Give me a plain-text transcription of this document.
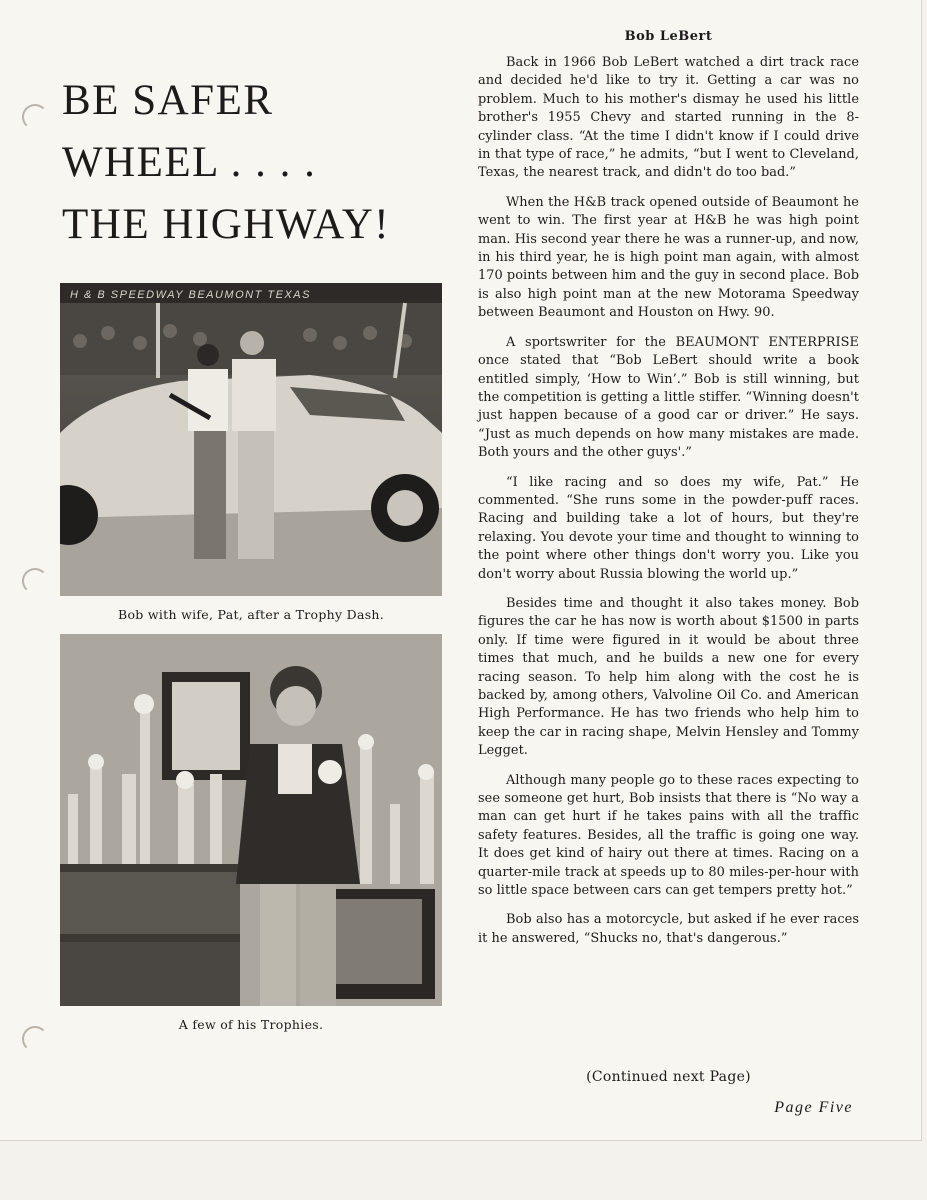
BE SAFER
WHEEL . . . .
THE HIGHWAY!
H & B SPEEDWAY BEAUMONT TEXAS
Bob with wife, Pat, after a Trophy Dash.
A few of his Trophies.
Bob LeBert

Back in 1966 Bob LeBert watched a dirt track race and decided he'd like to try it. Getting a car was no problem. Much to his mother's dismay he used his little brother's 1955 Chevy and started running in the 8-cylinder class. “At the time I didn't know if I could drive in that type of race,” he admits, “but I went to Cleveland, Texas, the nearest track, and didn't do too bad.”

When the H&B track opened outside of Beaumont he went to win. The first year at H&B he was high point man. His second year there he was a runner-up, and now, in his third year, he is high point man again, with almost 170 points between him and the guy in second place. Bob is also high point man at the new Motorama Speedway between Beaumont and Houston on Hwy. 90.

A sportswriter for the BEAUMONT ENTERPRISE once stated that “Bob LeBert should write a book entitled simply, ‘How to Win’.” Bob is still winning, but the competition is getting a little stiffer. “Winning doesn't just happen because of a good car or driver.” He says. “Just as much depends on how many mistakes are made. Both yours and the other guys'.”

“I like racing and so does my wife, Pat.” He commented. “She runs some in the powder-puff races. Racing and building take a lot of hours, but they're relaxing. You devote your time and thought to winning to the point where other things don't worry you. Like you don't worry about Russia blowing the world up.”

Besides time and thought it also takes money. Bob figures the car he has now is worth about $1500 in parts only. If time were figured in it would be about three times that much, and he builds a new one for every racing season. To help him along with the cost he is backed by, among others, Valvoline Oil Co. and American High Performance. He has two friends who help him to keep the car in racing shape, Melvin Hensley and Tommy Legget.

Although many people go to these races expecting to see someone get hurt, Bob insists that there is “No way a man can get hurt if he takes pains with all the traffic safety features. Besides, all the traffic is going one way. It does get kind of hairy out there at times. Racing on a quarter-mile track at speeds up to 80 miles-per-hour with so little space between cars can get tempers pretty hot.”

Bob also has a motorcycle, but asked if he ever races it he answered, “Shucks no, that's dangerous.”

(Continued next Page)
Page Five
